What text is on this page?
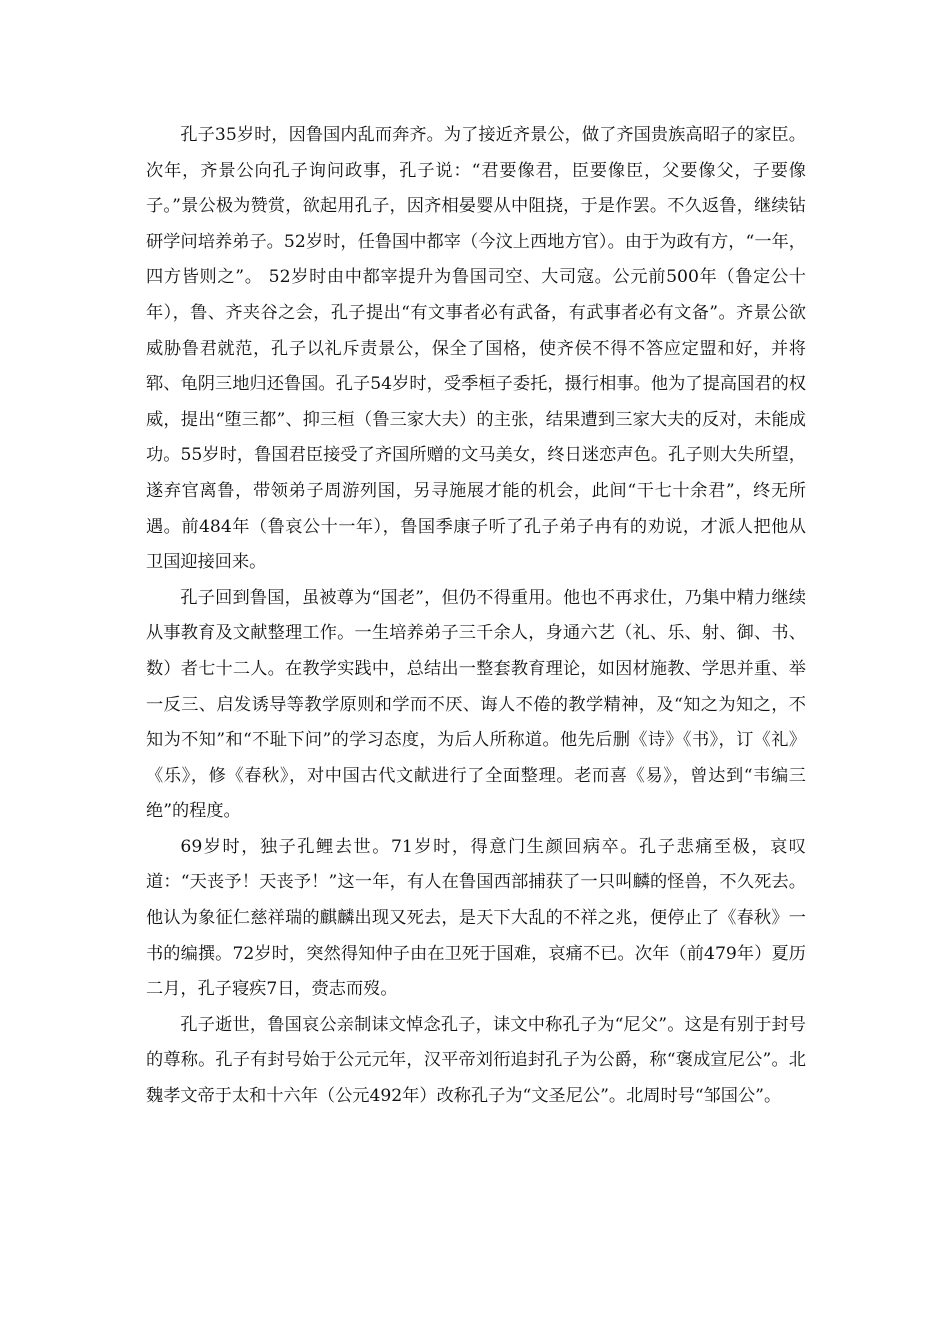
孔子35岁时，因鲁国内乱而奔齐。为了接近齐景公，做了齐国贵族高昭子的家臣。次年，齐景公向孔子询问政事，孔子说：“君要像君，臣要像臣，父要像父，子要像子。”景公极为赞赏，欲起用孔子，因齐相晏婴从中阻挠，于是作罢。不久返鲁，继续钻研学问培养弟子。52岁时，任鲁国中都宰（今汶上西地方官）。由于为政有方，“一年，四方皆则之”。 52岁时由中都宰提升为鲁国司空、大司寇。公元前500年（鲁定公十年），鲁、齐夹谷之会，孔子提出“有文事者必有武备，有武事者必有文备”。齐景公欲威胁鲁君就范，孔子以礼斥责景公，保全了国格，使齐侯不得不答应定盟和好，并将郓、龟阴三地归还鲁国。孔子54岁时，受季桓子委托，摄行相事。他为了提高国君的权威，提出“堕三都”、抑三桓（鲁三家大夫）的主张，结果遭到三家大夫的反对，未能成功。55岁时，鲁国君臣接受了齐国所赠的文马美女，终日迷恋声色。孔子则大失所望，遂弃官离鲁，带领弟子周游列国，另寻施展才能的机会，此间“干七十余君”，终无所遇。前484年（鲁哀公十一年），鲁国季康子听了孔子弟子冉有的劝说，才派人把他从卫国迎接回来。

孔子回到鲁国，虽被尊为“国老”，但仍不得重用。他也不再求仕，乃集中精力继续从事教育及文献整理工作。一生培养弟子三千余人，身通六艺（礼、乐、射、御、书、数）者七十二人。在教学实践中，总结出一整套教育理论，如因材施教、学思并重、举一反三、启发诱导等教学原则和学而不厌、诲人不倦的教学精神，及“知之为知之，不知为不知”和“不耻下问”的学习态度，为后人所称道。他先后删《诗》《书》，订《礼》《乐》，修《春秋》，对中国古代文献进行了全面整理。老而喜《易》，曾达到“韦编三绝”的程度。

69岁时，独子孔鲤去世。71岁时，得意门生颜回病卒。孔子悲痛至极，哀叹道：“天丧予！天丧予！”这一年，有人在鲁国西部捕获了一只叫麟的怪兽，不久死去。他认为象征仁慈祥瑞的麒麟出现又死去，是天下大乱的不祥之兆，便停止了《春秋》一书的编撰。72岁时，突然得知仲子由在卫死于国难，哀痛不已。次年（前479年）夏历二月，孔子寝疾7日，赍志而歿。

孔子逝世，鲁国哀公亲制诔文悼念孔子，诔文中称孔子为“尼父”。这是有别于封号的尊称。孔子有封号始于公元元年，汉平帝刘衎追封孔子为公爵，称“褒成宣尼公”。北魏孝文帝于太和十六年（公元492年）改称孔子为“文圣尼公”。北周时号“邹国公”。
